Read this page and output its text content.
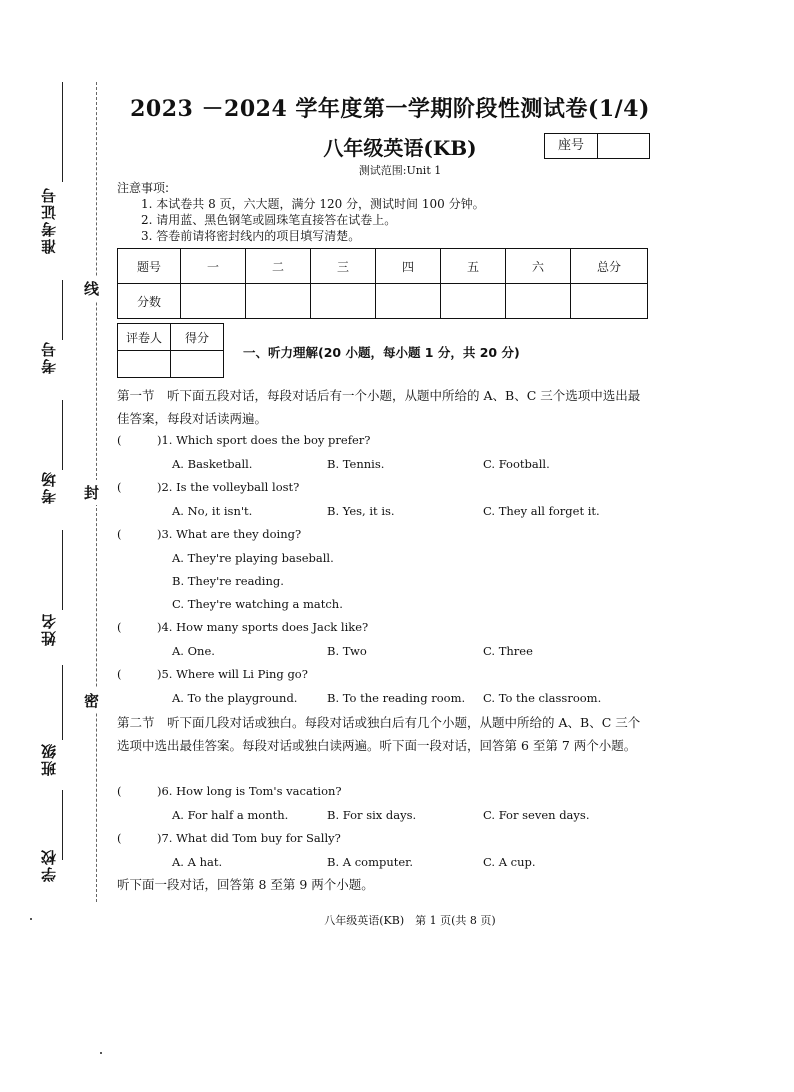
准考证号
考号
考场
姓名
班级
学校
线
封
密
2023 －2024 学年度第一学期阶段性测试卷(1/4)
八年级英语(KB)	座号
测试范围:Unit 1
注意事项:
1. 本试卷共 8 页，六大题，满分 120 分，测试时间 100 分钟。
2. 请用蓝、黑色钢笔或圆珠笔直接答在试卷上。
3. 答卷前请将密封线内的项目填写清楚。
题号	一	二	三	四	五	六	总分
分数							
评卷人	得分

一、听力理解(20 小题，每小题 1 分，共 20 分)
第一节　听下面五段对话，每段对话后有一个小题，从题中所给的 A、B、C 三个选项中选出最佳答案，每段对话读两遍。
(	)1. Which sport does the boy prefer?
A. Basketball.	B. Tennis.	C. Football.
(	)2. Is the volleyball lost?
A. No, it isn't.	B. Yes, it is.	C. They all forget it.
(	)3. What are they doing?
A. They're playing baseball.
B. They're reading.
C. They're watching a match.
(	)4. How many sports does Jack like?
A. One.	B. Two	C. Three
(	)5. Where will Li Ping go?
A. To the playground.	B. To the reading room. C. To the classroom.
第二节　听下面几段对话或独白。每段对话或独白后有几个小题，从题中所给的 A、B、C 三个选项中选出最佳答案。每段对话或独白读两遍。听下面一段对话，回答第 6 至第 7 两个小题。
(	)6. How long is Tom's vacation?
A. For half a month.	B. For six days.	C. For seven days.
(	)7. What did Tom buy for Sally?
A. A hat.	B. A computer.	C. A cup.
听下面一段对话，回答第 8 至第 9 两个小题。
八年级英语(KB)　第 1 页(共 8 页)
